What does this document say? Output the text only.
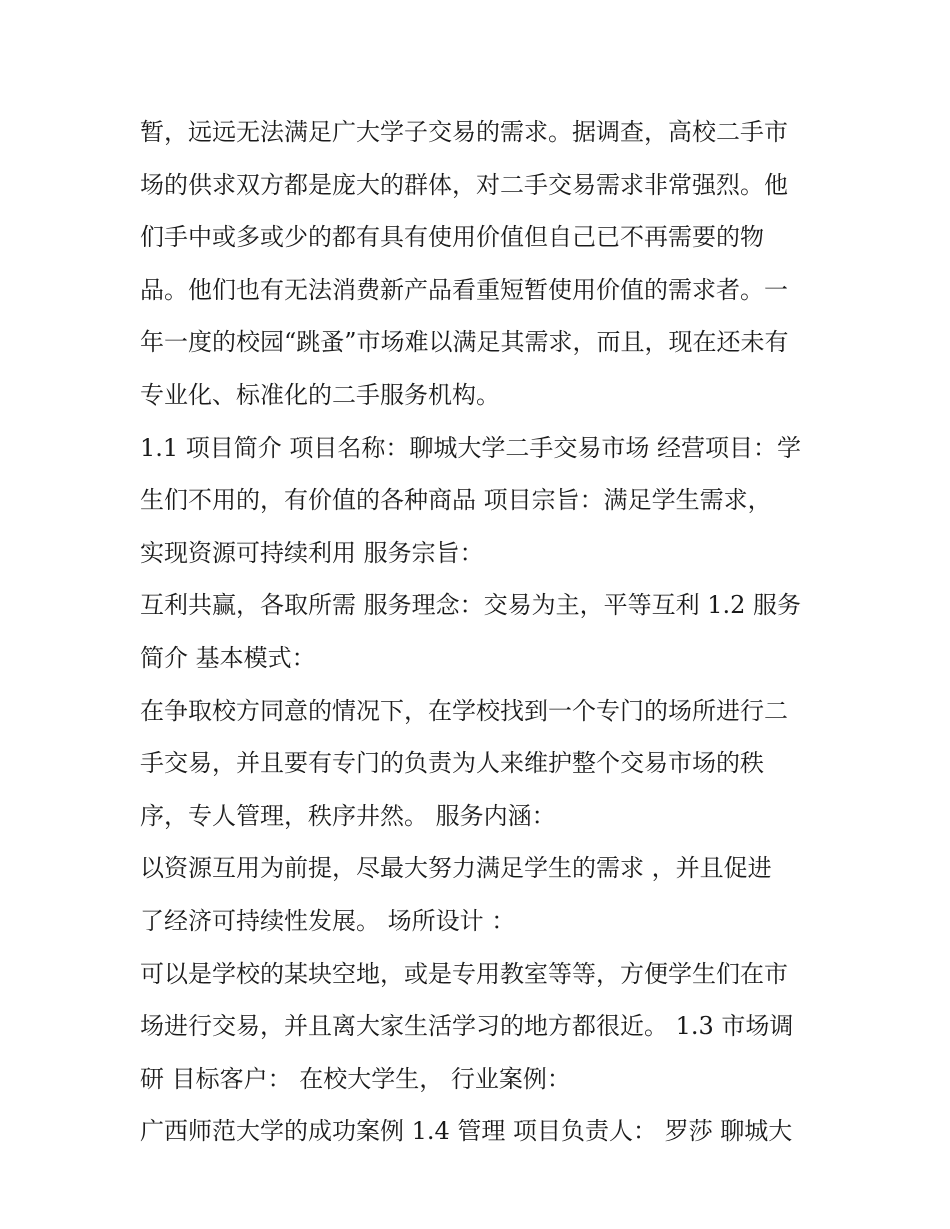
暂，远远无法满足广大学子交易的需求。据调查，高校二手市

场的供求双方都是庞大的群体，对二手交易需求非常强烈。他

们手中或多或少的都有具有使用价值但自己已不再需要的物

品。他们也有无法消费新产品看重短暂使用价值的需求者。一

年一度的校园“跳蚤”市场难以满足其需求，而且，现在还未有

专业化、标准化的二手服务机构。

1.1 项目简介 项目名称：聊城大学二手交易市场 经营项目：学

生们不用的，有价值的各种商品 项目宗旨：满足学生需求，

实现资源可持续利用 服务宗旨：

互利共赢，各取所需 服务理念：交易为主，平等互利 1.2 服务

简介 基本模式：

在争取校方同意的情况下，在学校找到一个专门的场所进行二

手交易，并且要有专门的负责为人来维护整个交易市场的秩

序，专人管理，秩序井然。 服务内涵：

以资源互用为前提，尽最大努力满足学生的需求 ，并且促进

了经济可持续性发展。 场所设计 ：

可以是学校的某块空地，或是专用教室等等，方便学生们在市

场进行交易，并且离大家生活学习的地方都很近。 1.3 市场调

研 目标客户： 在校大学生， 行业案例：

广西师范大学的成功案例 1.4 管理 项目负责人： 罗莎 聊城大
